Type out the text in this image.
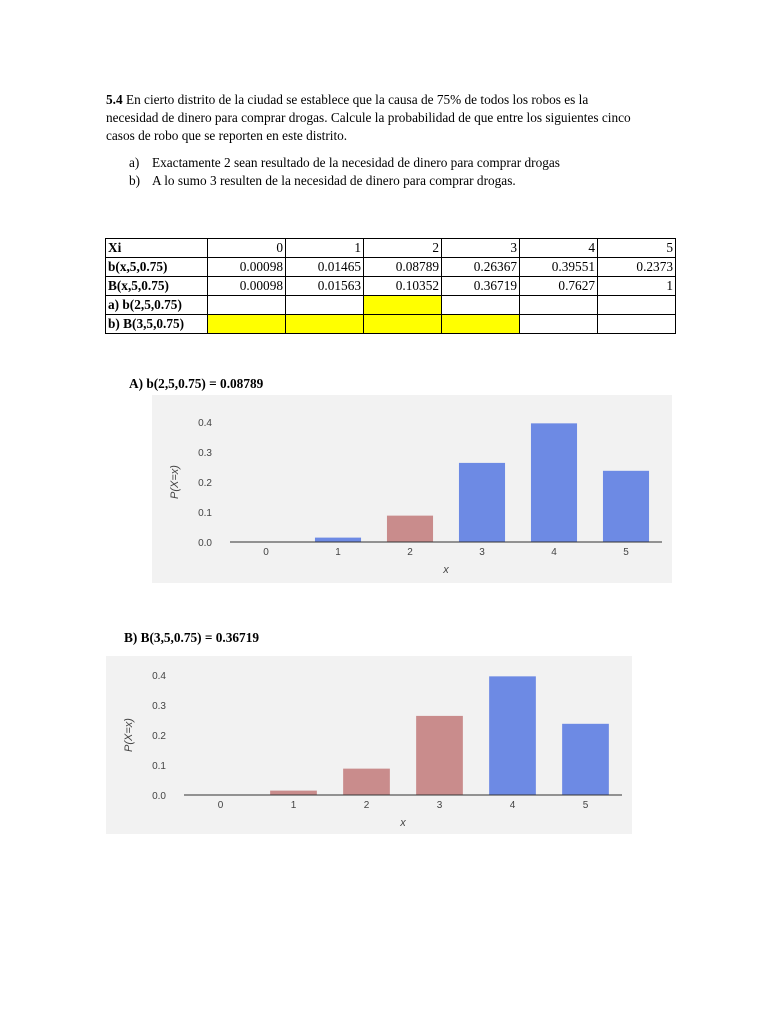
5.4 En cierto distrito de la ciudad se establece que la causa de 75% de todos los robos es la
necesidad de dinero para comprar drogas. Calcule la probabilidad de que entre los siguientes cinco
casos de robo que se reporten en este distrito.
a) Exactamente 2 sean resultado de la necesidad de dinero para comprar drogas
b) A lo sumo 3 resulten de la necesidad de dinero para comprar drogas.
Xi	0	1	2	3	4	5
b(x,5,0.75)	0.00098	0.01465	0.08789	0.26367	0.39551	0.2373
B(x,5,0.75)	0.00098	0.01563	0.10352	0.36719	0.7627	1
a) b(2,5,0.75)						
b) B(3,5,0.75)						
A) b(2,5,0.75) = 0.08789
0.0
0.1
0.2
0.3
0.4
P(X=x)
0	1	2	3	4	5
x
B) B(3,5,0.75) = 0.36719
0.0
0.1
0.2
0.3
0.4
P(X=x)
0	1	2	3	4	5
x
